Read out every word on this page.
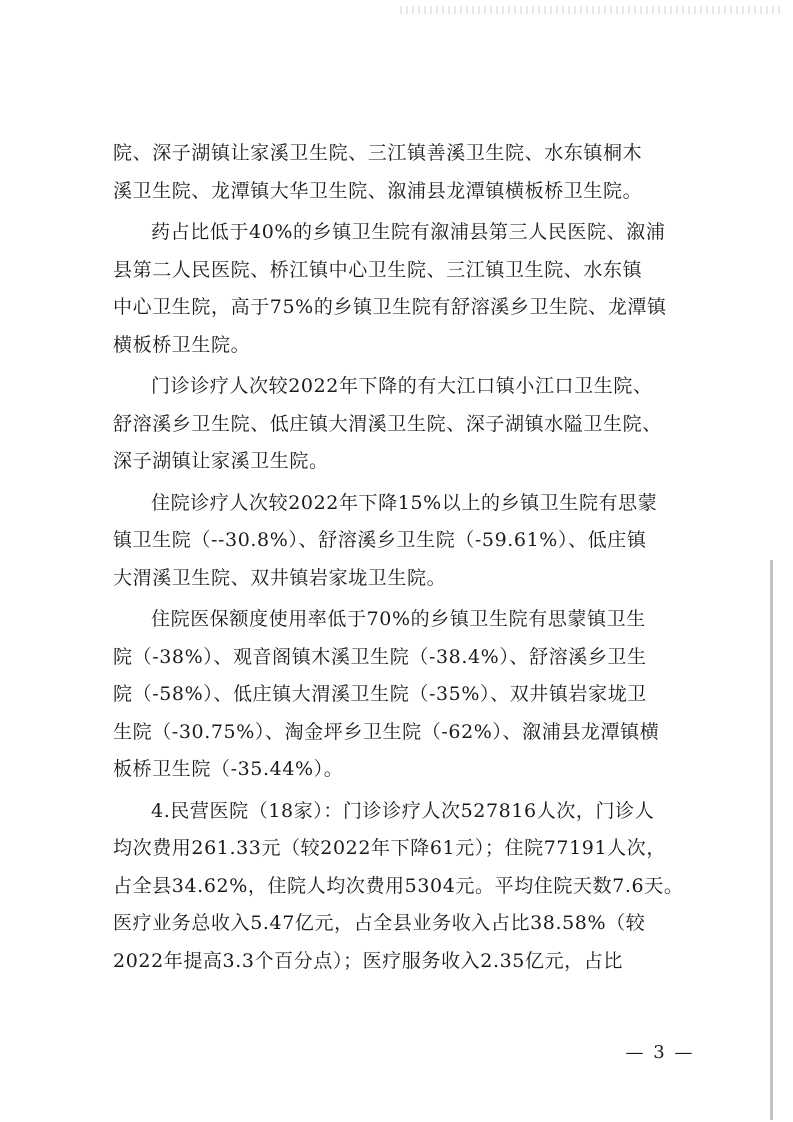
院、深子湖镇让家溪卫生院、三江镇善溪卫生院、水东镇桐木
溪卫生院、龙潭镇大华卫生院、溆浦县龙潭镇横板桥卫生院。
药占比低于40%的乡镇卫生院有溆浦县第三人民医院、溆浦
县第二人民医院、桥江镇中心卫生院、三江镇卫生院、水东镇
中心卫生院，高于75%的乡镇卫生院有舒溶溪乡卫生院、龙潭镇
横板桥卫生院。
门诊诊疗人次较2022年下降的有大江口镇小江口卫生院、
舒溶溪乡卫生院、低庄镇大渭溪卫生院、深子湖镇水隘卫生院、
深子湖镇让家溪卫生院。
住院诊疗人次较2022年下降15%以上的乡镇卫生院有思蒙
镇卫生院（--30.8%）、舒溶溪乡卫生院（-59.61%）、低庄镇
大渭溪卫生院、双井镇岩家垅卫生院。
住院医保额度使用率低于70%的乡镇卫生院有思蒙镇卫生
院（-38%）、观音阁镇木溪卫生院（-38.4%）、舒溶溪乡卫生
院（-58%）、低庄镇大渭溪卫生院（-35%）、双井镇岩家垅卫
生院（-30.75%）、淘金坪乡卫生院（-62%）、溆浦县龙潭镇横
板桥卫生院（-35.44%）。
4.民营医院（18家）：门诊诊疗人次527816人次，门诊人
均次费用261.33元（较2022年下降61元）；住院77191人次，
占全县34.62%，住院人均次费用5304元。平均住院天数7.6天。
医疗业务总收入5.47亿元，占全县业务收入占比38.58%（较
2022年提高3.3个百分点）；医疗服务收入2.35亿元，占比
— 3 —
